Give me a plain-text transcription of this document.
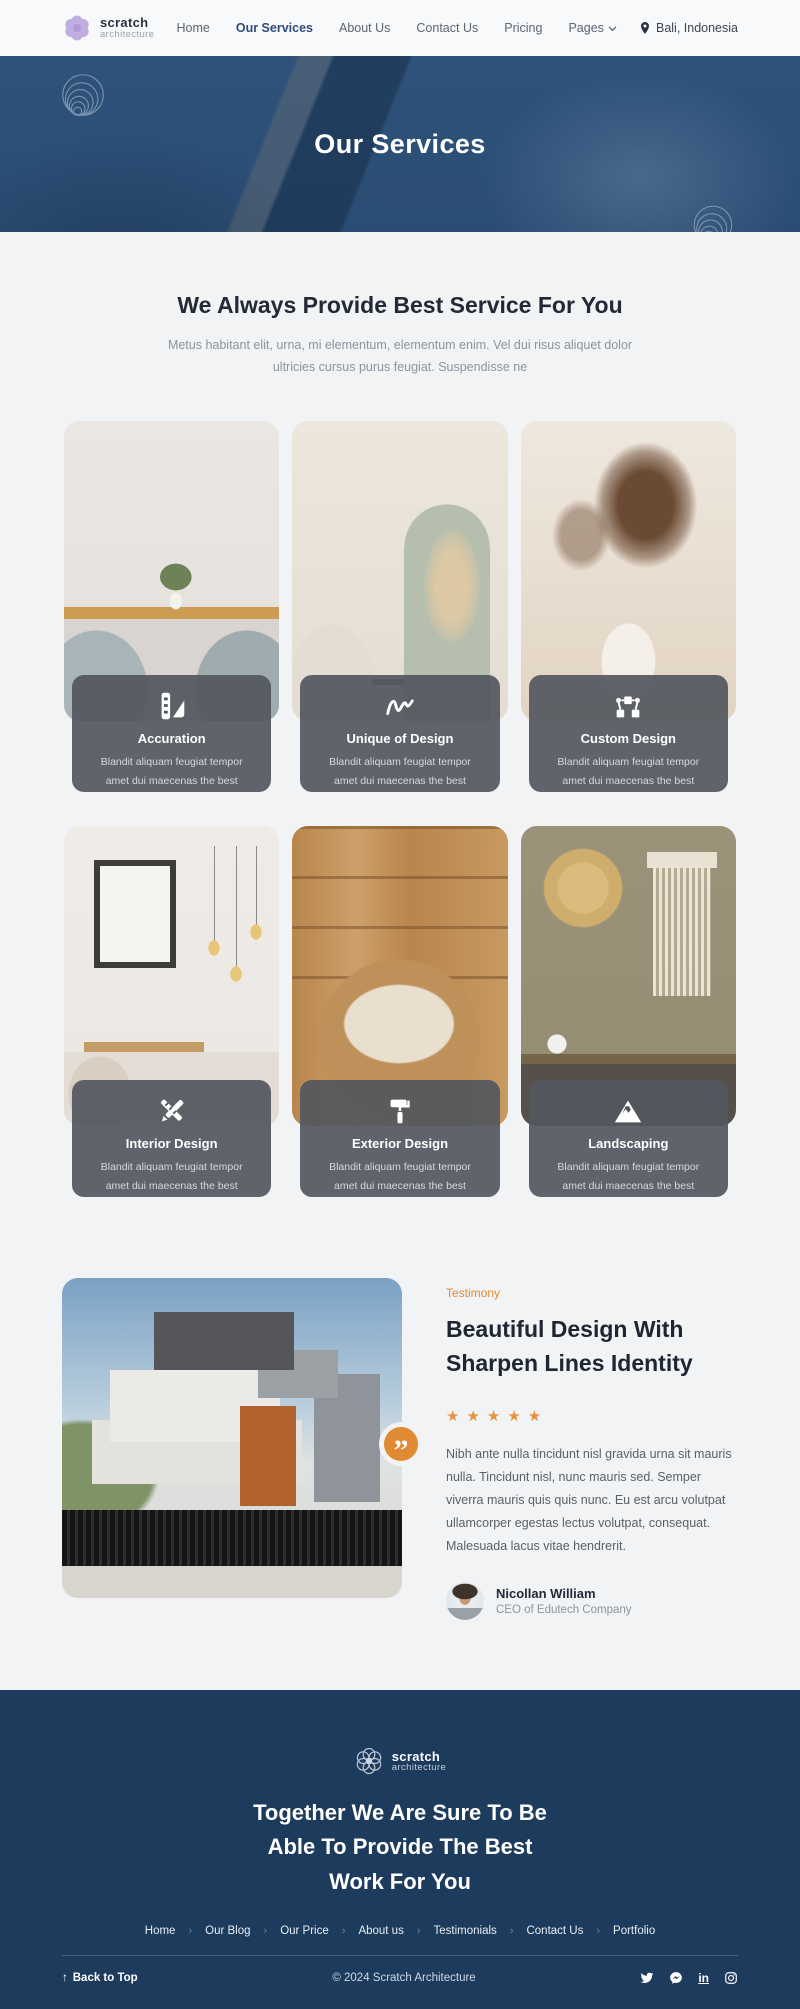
scratch
architecture Home Our Services About Us Contact Us Pricing Pages	Bali, Indonesia
Our Services
We Always Provide Best Service For You

Metus habitant elit, urna, mi elementum, elementum enim. Vel dui risus aliquet dolor ultricies cursus purus feugiat. Suspendisse ne

Accuration
Blandit aliquam feugiat tempor amet dui maecenas the best
Unique of Design
Blandit aliquam feugiat tempor amet dui maecenas the best
Custom Design
Blandit aliquam feugiat tempor amet dui maecenas the best
Interior Design
Blandit aliquam feugiat tempor amet dui maecenas the best
Exterior Design
Blandit aliquam feugiat tempor amet dui maecenas the best
Landscaping
Blandit aliquam feugiat tempor amet dui maecenas the best
”
Testimony
Beautiful Design With Sharpen Lines Identity
★★★★★

Nibh ante nulla tincidunt nisl gravida urna sit mauris nulla. Tincidunt nisl, nunc mauris sed. Semper viverra mauris quis quis nunc. Eu est arcu volutpat ullamcorper egestas lectus volutpat, consequat. Malesuada lacus vitae hendrerit.

Nicollan William
CEO of Edutech Company
scratch
architecture
Together We Are Sure To Be
Able To Provide The Best
Work For You
Home	› Our Blog	› Our Price	› About us	› Testimonials	› Contact Us	› Portfolio
↑ Back to Top	© 2024 Scratch Architecture	in
